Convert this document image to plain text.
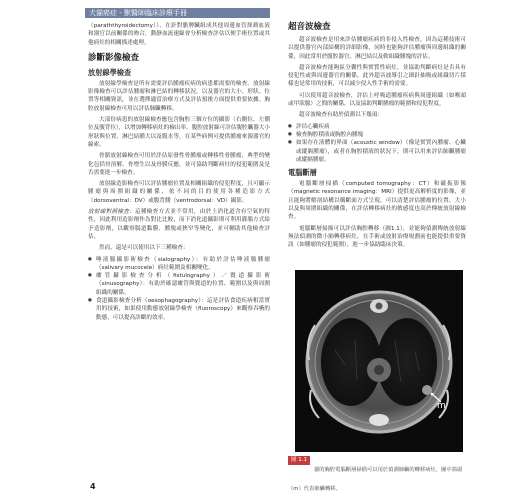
犬貓癌症 - 獸醫師臨床診療手冊

（paraththyroidectomy））、在針對膽脾臟組成其他周邊血管探測血液和器官以前關係的吻合，動靜血流速線會分析檢查評估以便手術位置或其他病灶的相關描述處理。

診斷影像檢查
放射線學檢查

放射線學檢查是所有需要評估腫瘤疾病的病患都需要的檢查。放射線影像檢查可以評估腫瘤和淋巴結的轉移狀況，以及器官的大小、形狀、位置等相關資訊，並在選擇適當治療方式及評估預後方面提供重要依據。胸腔放射線檢查可用以評估肺臟轉移。

大部份病患的放射線檢查應包含胸腔三個方位的攝影（右側位、左側位及腹背位），以增加轉移病灶的檢出率。腹腔放射線可評估腹腔臟器大小形狀與位置、淋巴結腫大以及腹水等，在某些病例可提供腫瘤來源器官的線索。

骨骼放射線檢查可用於評估原發性骨腫瘤或轉移性骨腫瘤，典型的變化包括骨溶解、骨增生以及骨膜反應，並可協助判斷病灶的侵犯範圍及是否需要進一步檢查。

放射線造影檢查可以評估腫瘤位置及相關組織的侵犯程度，且可顯示腫瘤與周圍組織的關係，依不同的目的使用各種造影方式（dorsoventral：DV）或腹背側（ventrodorsal：VD）攝影。

放射線對照檢查：這種檢查方式並不常用，由於上消化道含有空氣的特性，因此利用造影劑作為對比比較，而下消化道攝影則可利用灌腸方式給予造影劑，以觀察腸道黏膜、腫塊或狹窄等變化，並可輔助其他檢查評估。

然而，還是可以使用以下三種檢查：

● 唾液腺攝影術檢查（sialography）：有助於評估唾液腺腫瘤（salivary mucocele）病灶範圍及相關變化。
● 瘻管攝影檢查分析（fistulography）／竇道攝影術（sinusography）：有助於確認瘻管與竇道的位置、範圍以及與周圍組織的關係。
● 食道攝影檢查分析（oesophagography）：這是評估食道疾病相當實用的技術，如果使用動態放射線學檢查（fluoroscopy）來觀察吞嚥的動態，可以提高診斷的效率。
超音波檢查

超音波檢查是用來評估腫瘤疾病的非侵入性檢查，因為這種技術可以提供器官內部結構的詳細影像，同時也能夠評估腫瘤與周邊組織的關係，因此常用於腹腔器官、淋巴結以及軟組織腫塊的評估。

超音波檢查能夠區分囊性與實質性病灶，並協助判斷病灶是否具有侵犯性或與周邊器官的關係，此外超音波導引之細針抽吸或組織切片採樣也是常用的技術，可以減少侵入性手術的需要。

可以使用超音波檢查，評估上呼吸道腫瘤疾病與周邊組織（如喉頭或甲狀腺）之間的關係，以及協助判斷腫瘤的範圍和侵犯程度。

超音波檢查有助於偵測以下幾項：

● 評估心臟疾病
● 檢查胸腔積液或胸腔內腫塊
● 如果存在液體的界面（acoustic window）（像是實質內腫瘤、心臟或縱膈腫瘤），或者在胸腔積液的狀況下，則可以用來評估肺臟腫瘤或縱膈腫瘤。
電腦斷層

電腦斷層掃描（computed tomography：CT）和磁振影像（magnetic resonance imaging：MRI）提供更高解析度的影像，並且能夠將解剖結構以橫斷面方式呈現，可以清楚評估腫瘤的位置、大小以及與周圍組織的關係，在評估轉移病灶的敏感度也高於傳統放射線檢查。

電腦斷層掃描可以評估胸腔轉移（圖1.1），並能夠偵測傳統放射線無法偵測的微小肺轉移病灶，在手術或放射治療規劃前也能提供重要資訊（如腫瘤的侵犯範圍），進一步協助臨床決策。

m
圖 1.1貓的胸腔電腦斷層掃描可以用於偵測肺臟的轉移病灶，圖中箭頭（m）代表肺臟轉移。
4
